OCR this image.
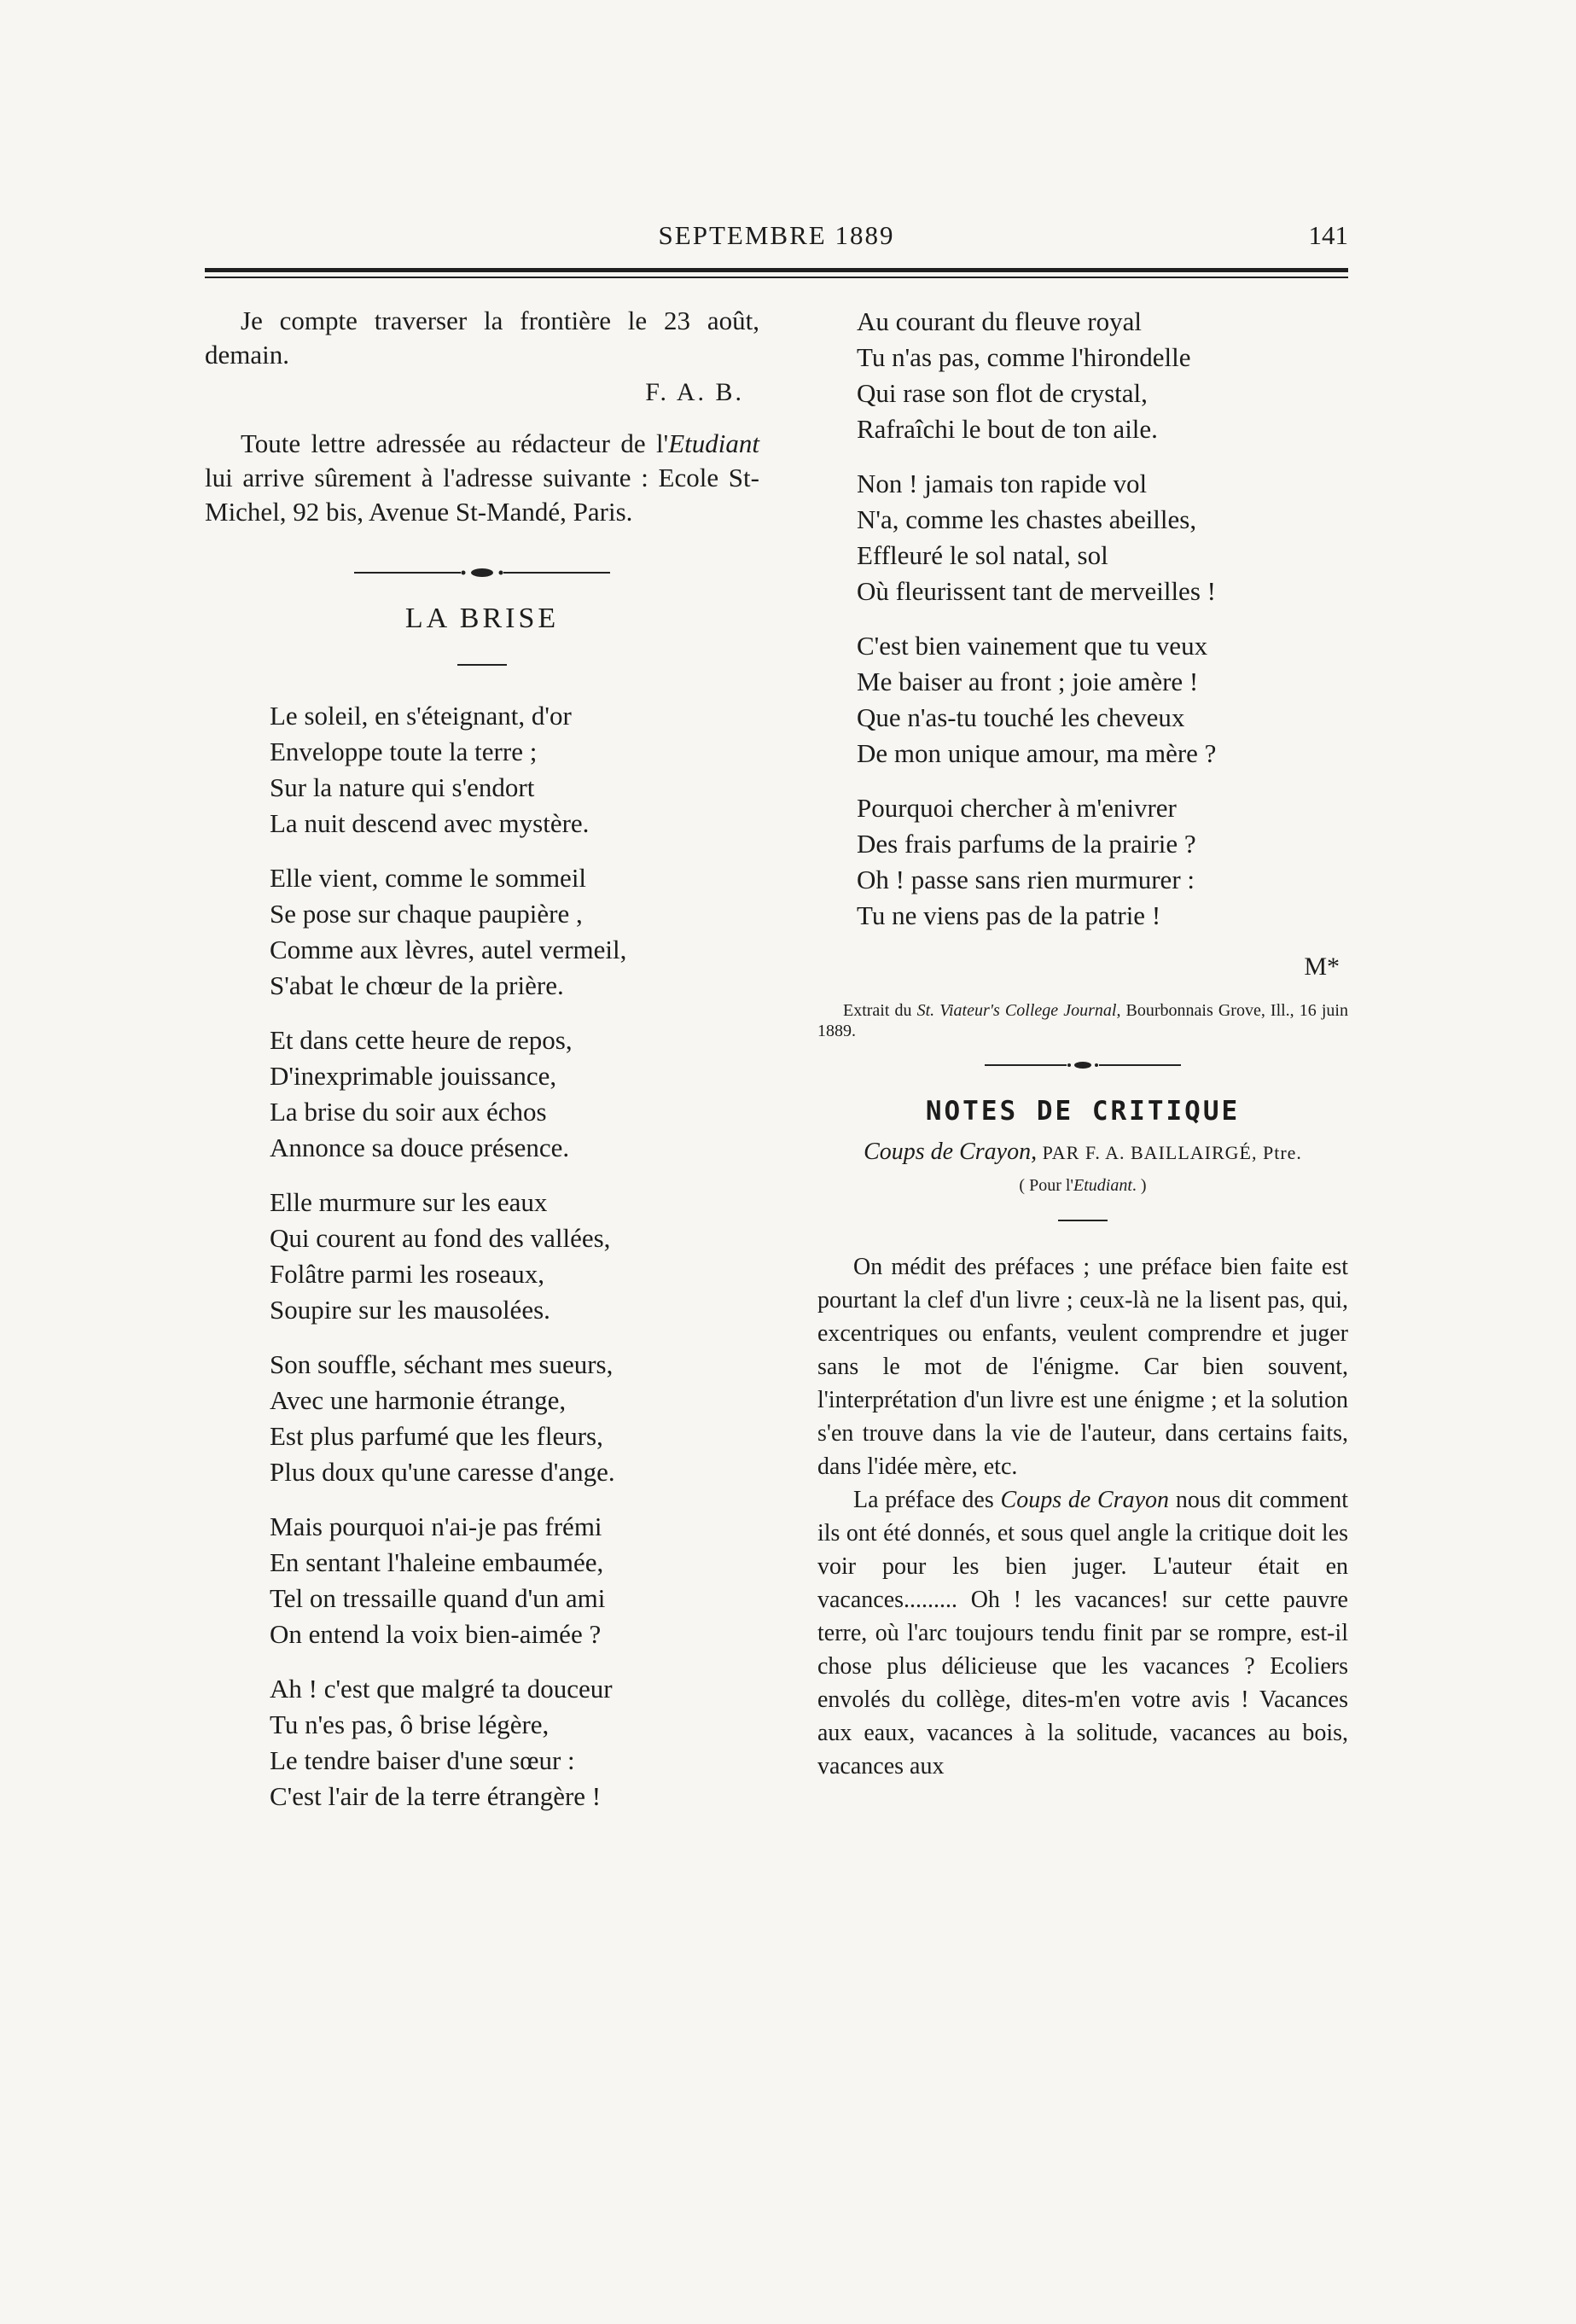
SEPTEMBRE 1889	141

Je compte traverser la frontière le 23 août, demain.

F. A. B.

Toute lettre adressée au rédacteur de l'Etudiant lui arrive sûrement à l'adresse suivante : Ecole St-Michel, 92 bis, Avenue St-Mandé, Paris.

LA BRISE
Le soleil, en s'éteignant, d'or
Enveloppe toute la terre ;
Sur la nature qui s'endort
La nuit descend avec mystère.
Elle vient, comme le sommeil
Se pose sur chaque paupière ,
Comme aux lèvres, autel vermeil,
S'abat le chœur de la prière.
Et dans cette heure de repos,
D'inexprimable jouissance,
La brise du soir aux échos
Annonce sa douce présence.
Elle murmure sur les eaux
Qui courent au fond des vallées,
Folâtre parmi les roseaux,
Soupire sur les mausolées.
Son souffle, séchant mes sueurs,
Avec une harmonie étrange,
Est plus parfumé que les fleurs,
Plus doux qu'une caresse d'ange.
Mais pourquoi n'ai-je pas frémi
En sentant l'haleine embaumée,
Tel on tressaille quand d'un ami
On entend la voix bien-aimée ?
Ah ! c'est que malgré ta douceur
Tu n'es pas, ô brise légère,
Le tendre baiser d'une sœur :
C'est l'air de la terre étrangère !
Au courant du fleuve royal
Tu n'as pas, comme l'hirondelle
Qui rase son flot de crystal,
Rafraîchi le bout de ton aile.
Non ! jamais ton rapide vol
N'a, comme les chastes abeilles,
Effleuré le sol natal, sol
Où fleurissent tant de merveilles !
C'est bien vainement que tu veux
Me baiser au front ; joie amère !
Que n'as-tu touché les cheveux
De mon unique amour, ma mère ?
Pourquoi chercher à m'enivrer
Des frais parfums de la prairie ?
Oh ! passe sans rien murmurer :
Tu ne viens pas de la patrie !
M*

Extrait du St. Viateur's College Journal, Bourbonnais Grove, Ill., 16 juin 1889.

NOTES DE CRITIQUE
Coups de Crayon, PAR F. A. BAILLAIRGÉ, Ptre.
( Pour l'Etudiant. )

On médit des préfaces ; une préface bien faite est pourtant la clef d'un livre ; ceux-là ne la lisent pas, qui, excentriques ou enfants, veulent comprendre et juger sans le mot de l'énigme. Car bien souvent, l'interprétation d'un livre est une énigme ; et la solution s'en trouve dans la vie de l'auteur, dans certains faits, dans l'idée mère, etc.

La préface des Coups de Crayon nous dit comment ils ont été donnés, et sous quel angle la critique doit les voir pour les bien juger. L'auteur était en vacances......... Oh ! les vacances! sur cette pauvre terre, où l'arc toujours tendu finit par se rompre, est-il chose plus délicieuse que les vacances ? Ecoliers envolés du collège, dites-m'en votre avis ! Vacances aux eaux, vacances à la solitude, vacances au bois, vacances aux
